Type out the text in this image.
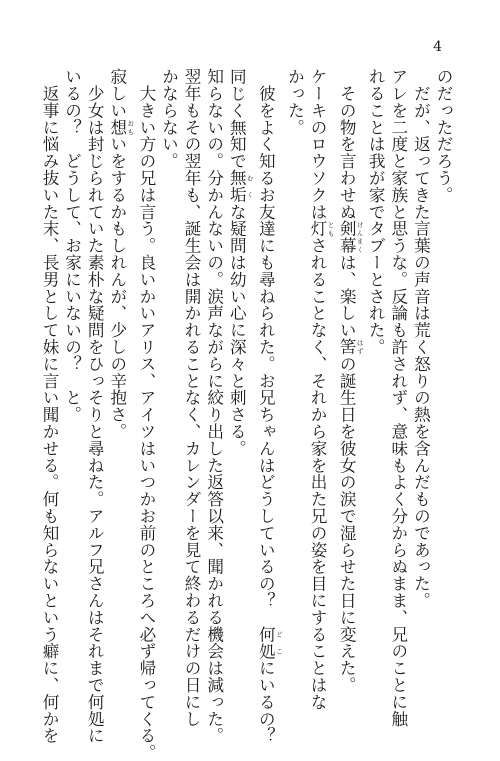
4
のだっただろう。
　だが、返ってきた言葉の声音は荒く怒りの熱を含んだものであった。
アレを二度と家族と思うな。反論も許されず、意味もよく分からぬまま、兄のことに触
れることは我が家でタブーとされた。
　その物を言わせぬ剣幕 けんまくは、楽しい筈 はずの誕生日を彼女の涙で湿らせた日に変えた。
ケーキのロウソクは灯 ともされることなく、それから家を出た兄の姿を目にすることはな
かった。
　彼をよく知るお友達にも尋ねられた。お兄ちゃんはどうしているの？　何処 どこにいるの？
同じく無知で無垢 むくな疑問は幼い心に深々と刺さる。
知らないの。分かんないの。涙声ながらに絞り出した返答以来、聞かれる機会は減った。
翌年もその翌年も、誕生会は開かれることなく、カレンダーを見て終わるだけの日にし
かならない。
　大きい方の兄は言う。良いかいアリス、アイツはいつかお前のところへ必ず帰ってくる。
寂しい想 おもいをするかもしれんが、少しの辛抱さ。
　少女は封じられていた素朴な疑問をひっそりと尋ねた。アルフ兄さんはそれまで何処に
いるの？　どうして、お家にいないの？　と。
　返事に悩み抜いた末、長男として妹に言い聞かせる。何も知らないという癖に、何かを
